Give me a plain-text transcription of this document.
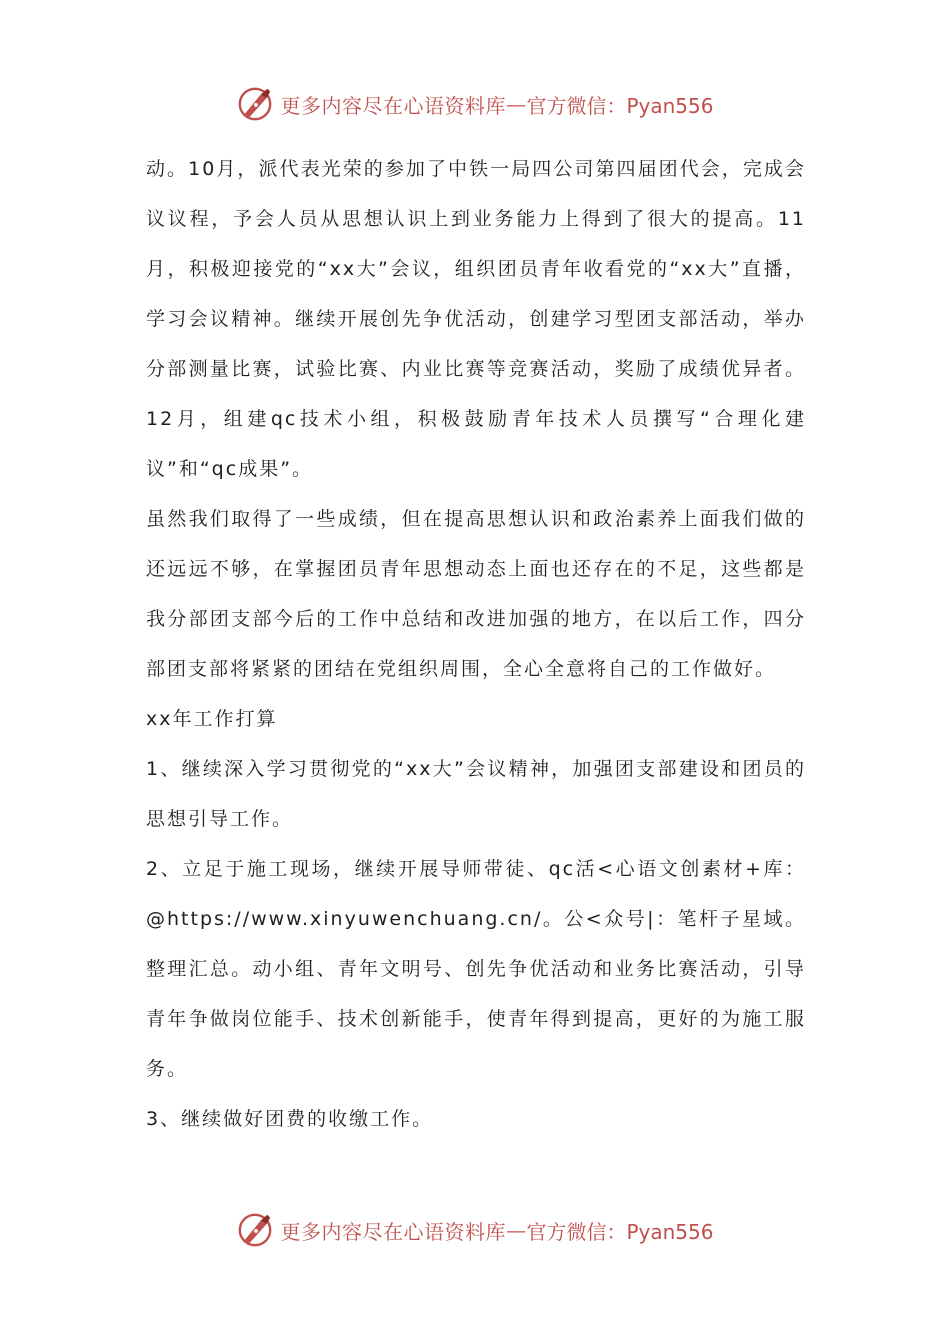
更多内容尽在心语资料库 — 官方微信：Pyan556

动。10月，派代表光荣的参加了中铁一局四公司第四届团代会，完成会议议程，予会人员从思想认识上到业务能力上得到了很大的提高。11月，积极迎接党的“xx大”会议，组织团员青年收看党的“xx大”直播，学习会议精神。继续开展创先争优活动，创建学习型团支部活动，举办分部测量比赛，试验比赛、内业比赛等竞赛活动，奖励了成绩优异者。12月，组建qc技术小组，积极鼓励青年技术人员撰写“合理化建议”和“qc成果”。

虽然我们取得了一些成绩，但在提高思想认识和政治素养上面我们做的还远远不够，在掌握团员青年思想动态上面也还存在的不足，这些都是我分部团支部今后的工作中总结和改进加强的地方，在以后工作，四分部团支部将紧紧的团结在党组织周围，全心全意将自己的工作做好。

xx年工作打算

1、继续深入学习贯彻党的“xx大”会议精神，加强团支部建设和团员的思想引导工作。

2、立足于施工现场，继续开展导师带徒、qc活<心语文创素材+库：@https://www.xinyuwenchuang.cn/。公<众号|：笔杆子星域。整理汇总。动小组、青年文明号、创先争优活动和业务比赛活动，引导青年争做岗位能手、技术创新能手，使青年得到提高，更好的为施工服务。

3、继续做好团费的收缴工作。

更多内容尽在心语资料库 — 官方微信：Pyan556
